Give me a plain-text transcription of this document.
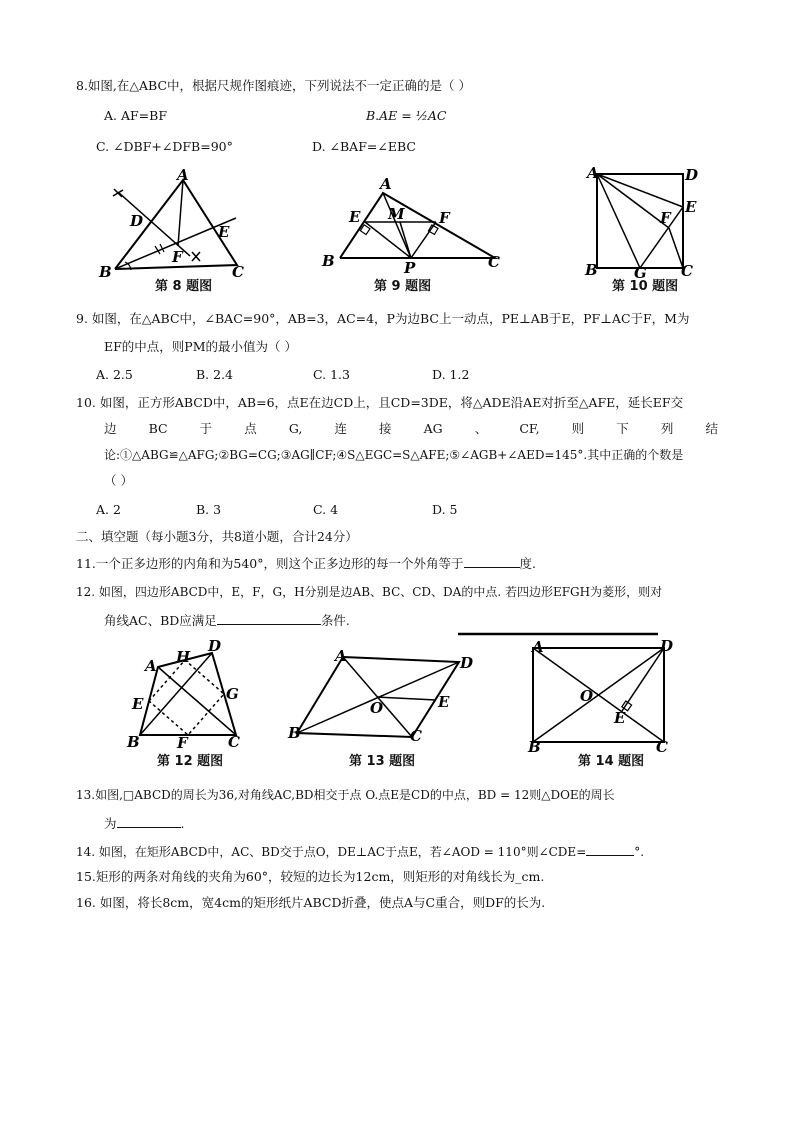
8.如图,在△ABC中，根据尺规作图痕迹，下列说法不一定正确的是（ ）
A. AF=BF	B.AE = ½AC
C. ∠DBF+∠DFB=90°	D. ∠BAF=∠EBC
A
B	C
D
E
F
A
B	C
E	F
M
P
A
B	C
D
E
F
G
第 8 题图	第 9 题图	第 10 题图
9. 如图，在△ABC中，∠BAC=90°，AB=3，AC=4，P为边BC上一动点，PE⊥AB于E，PF⊥AC于F，M为
EF的中点，则PM的最小值为（ ）
A. 2.5	B. 2.4	C. 1.3	D. 1.2
10. 如图，正方形ABCD中，AB=6，点E在边CD上，且CD=3DE，将△ADE沿AE对折至△AFE，延长EF交
边	BC	于	点	G,	连	接	AG	、	CF,	则	下	列	结
论:①△ABG≌△AFG;②BG=CG;③AG∥CF;④S△EGC=S△AFE;⑤∠AGB+∠AED=145°.其中正确的个数是
（ ）
A. 2	B. 3	C. 4	D. 5
二、填空题（每小题3分，共8道小题，合计24分）
11.一个正多边形的内角和为540°，则这个正多边形的每一个外角等于	度.
12. 如图，四边形ABCD中，E，F，G，H分别是边AB、BC、CD、DA的中点. 若四边形EFGH为菱形，则对
角线AC、BD应满足	条件.
A H
D
E
G
B F	C
A	D
O	E
B	C
A	D
O
E
B	C
第 12 题图	第 13 题图	第 14 题图
13.如图,□ABCD的周长为36,对角线AC,BD相交于点 O.点E是CD的中点，BD = 12则△DOE的周长
为	.
14. 如图，在矩形ABCD中，AC、BD交于点O，DE⊥AC于点E，若∠AOD = 110°则∠CDE=	°.
15.矩形的两条对角线的夹角为60°，较短的边长为12cm，则矩形的对角线长为_cm.
16. 如图，将长8cm，宽4cm的矩形纸片ABCD折叠，使点A与C重合，则DF的长为.
